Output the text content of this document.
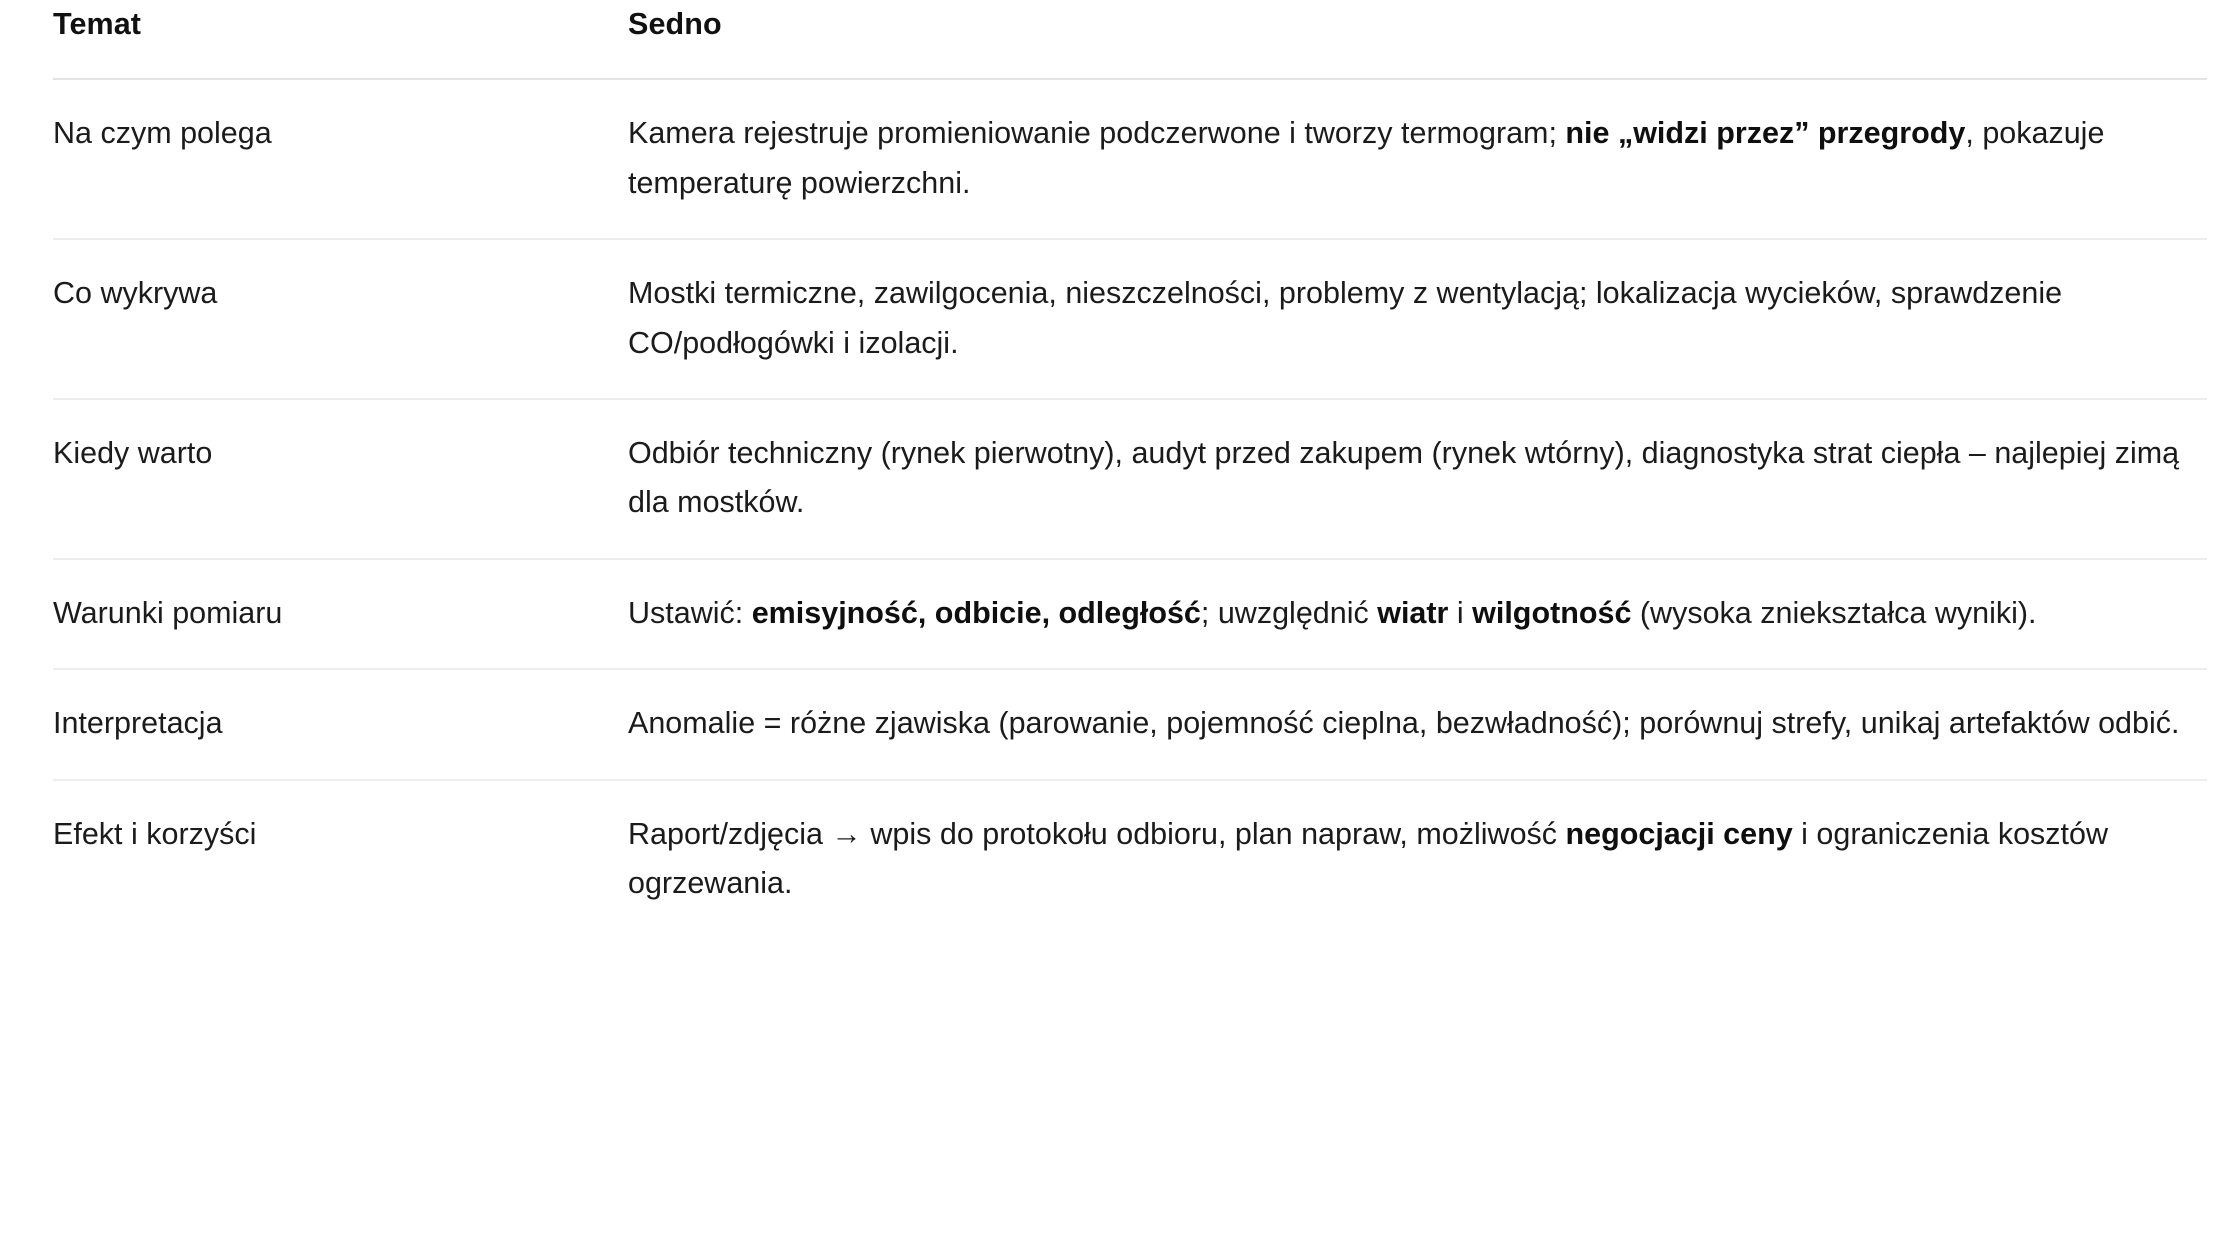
Temat	Sedno
Na czym polega	Kamera rejestruje promieniowanie podczerwone i tworzy termogram; nie „widzi przez” przegrody, pokazuje temperaturę powierzchni.

Co wykrywa	Mostki termiczne, zawilgocenia, nieszczelności, problemy z wentylacją; lokalizacja wycieków, sprawdzenie CO/podłogówki i izolacji.

Kiedy warto	Odbiór techniczny (rynek pierwotny), audyt przed zakupem (rynek wtórny), diagnostyka strat ciepła – najlepiej zimą dla mostków.

Warunki pomiaru	Ustawić: emisyjność, odbicie, odległość; uwzględnić wiatr i wilgotność (wysoka zniekształca wyniki).

Interpretacja	Anomalie = różne zjawiska (parowanie, pojemność cieplna, bezwładność); porównuj strefy, unikaj artefaktów odbić.

Efekt i korzyści	Raport/zdjęcia → wpis do protokołu odbioru, plan napraw, możliwość negocjacji ceny i ograniczenia kosztów ogrzewania.
